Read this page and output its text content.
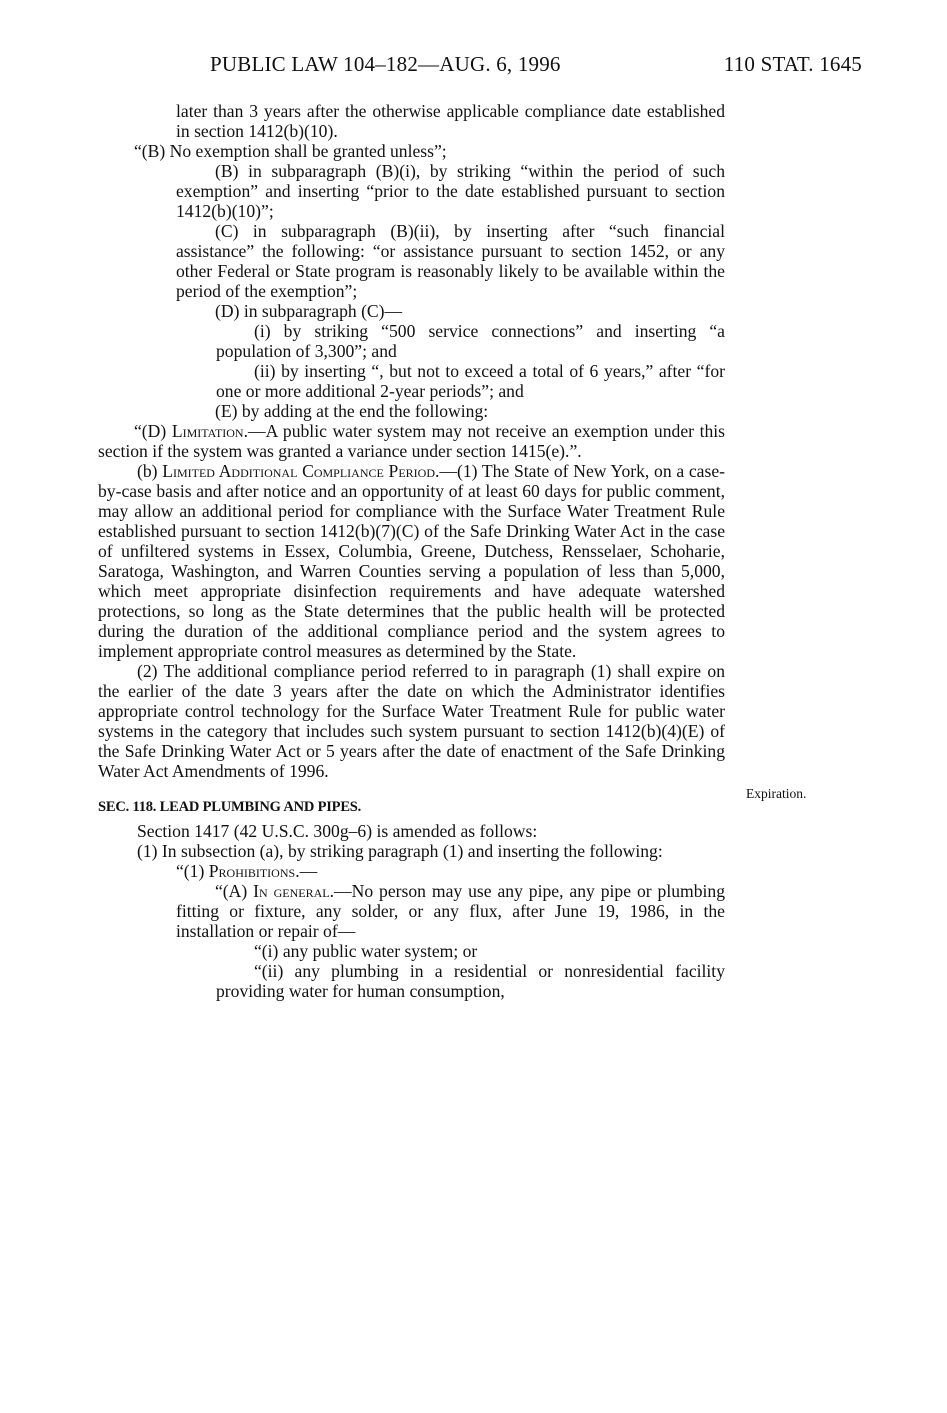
PUBLIC LAW 104–182—AUG. 6, 1996	110 STAT. 1645

later than 3 years after the otherwise applicable compliance date established in section 1412(b)(10).

“(B) No exemption shall be granted unless”;

(B) in subparagraph (B)(i), by striking “within the period of such exemption” and inserting “prior to the date established pursuant to section 1412(b)(10)”;

(C) in subparagraph (B)(ii), by inserting after “such financial assistance” the following: “or assistance pursuant to section 1452, or any other Federal or State program is reasonably likely to be available within the period of the exemption”;

(D) in subparagraph (C)—

(i) by striking “500 service connections” and inserting “a population of 3,300”; and

(ii) by inserting “, but not to exceed a total of 6 years,” after “for one or more additional 2-year periods”; and

(E) by adding at the end the following:

“(D) Limitation.—A public water system may not receive an exemption under this section if the system was granted a variance under section 1415(e).”.

(b) Limited Additional Compliance Period.—(1) The State of New York, on a case-by-case basis and after notice and an opportunity of at least 60 days for public comment, may allow an additional period for compliance with the Surface Water Treatment Rule established pursuant to section 1412(b)(7)(C) of the Safe Drinking Water Act in the case of unfiltered systems in Essex, Columbia, Greene, Dutchess, Rensselaer, Schoharie, Saratoga, Washington, and Warren Counties serving a population of less than 5,000, which meet appropriate disinfection requirements and have adequate watershed protections, so long as the State determines that the public health will be protected during the duration of the additional compliance period and the system agrees to implement appropriate control measures as determined by the State.

(2) The additional compliance period referred to in paragraph (1) shall expire on the earlier of the date 3 years after the date on which the Administrator identifies appropriate control technology for the Surface Water Treatment Rule for public water systems in the category that includes such system pursuant to section 1412(b)(4)(E) of the Safe Drinking Water Act or 5 years after the date of enactment of the Safe Drinking Water Act Amendments of 1996.

SEC. 118. LEAD PLUMBING AND PIPES.

Section 1417 (42 U.S.C. 300g–6) is amended as follows:

(1) In subsection (a), by striking paragraph (1) and inserting the following:

“(1) Prohibitions.—

“(A) In general.—No person may use any pipe, any pipe or plumbing fitting or fixture, any solder, or any flux, after June 19, 1986, in the installation or repair of—

“(i) any public water system; or

“(ii) any plumbing in a residential or nonresidential facility providing water for human consumption,

Expiration.
